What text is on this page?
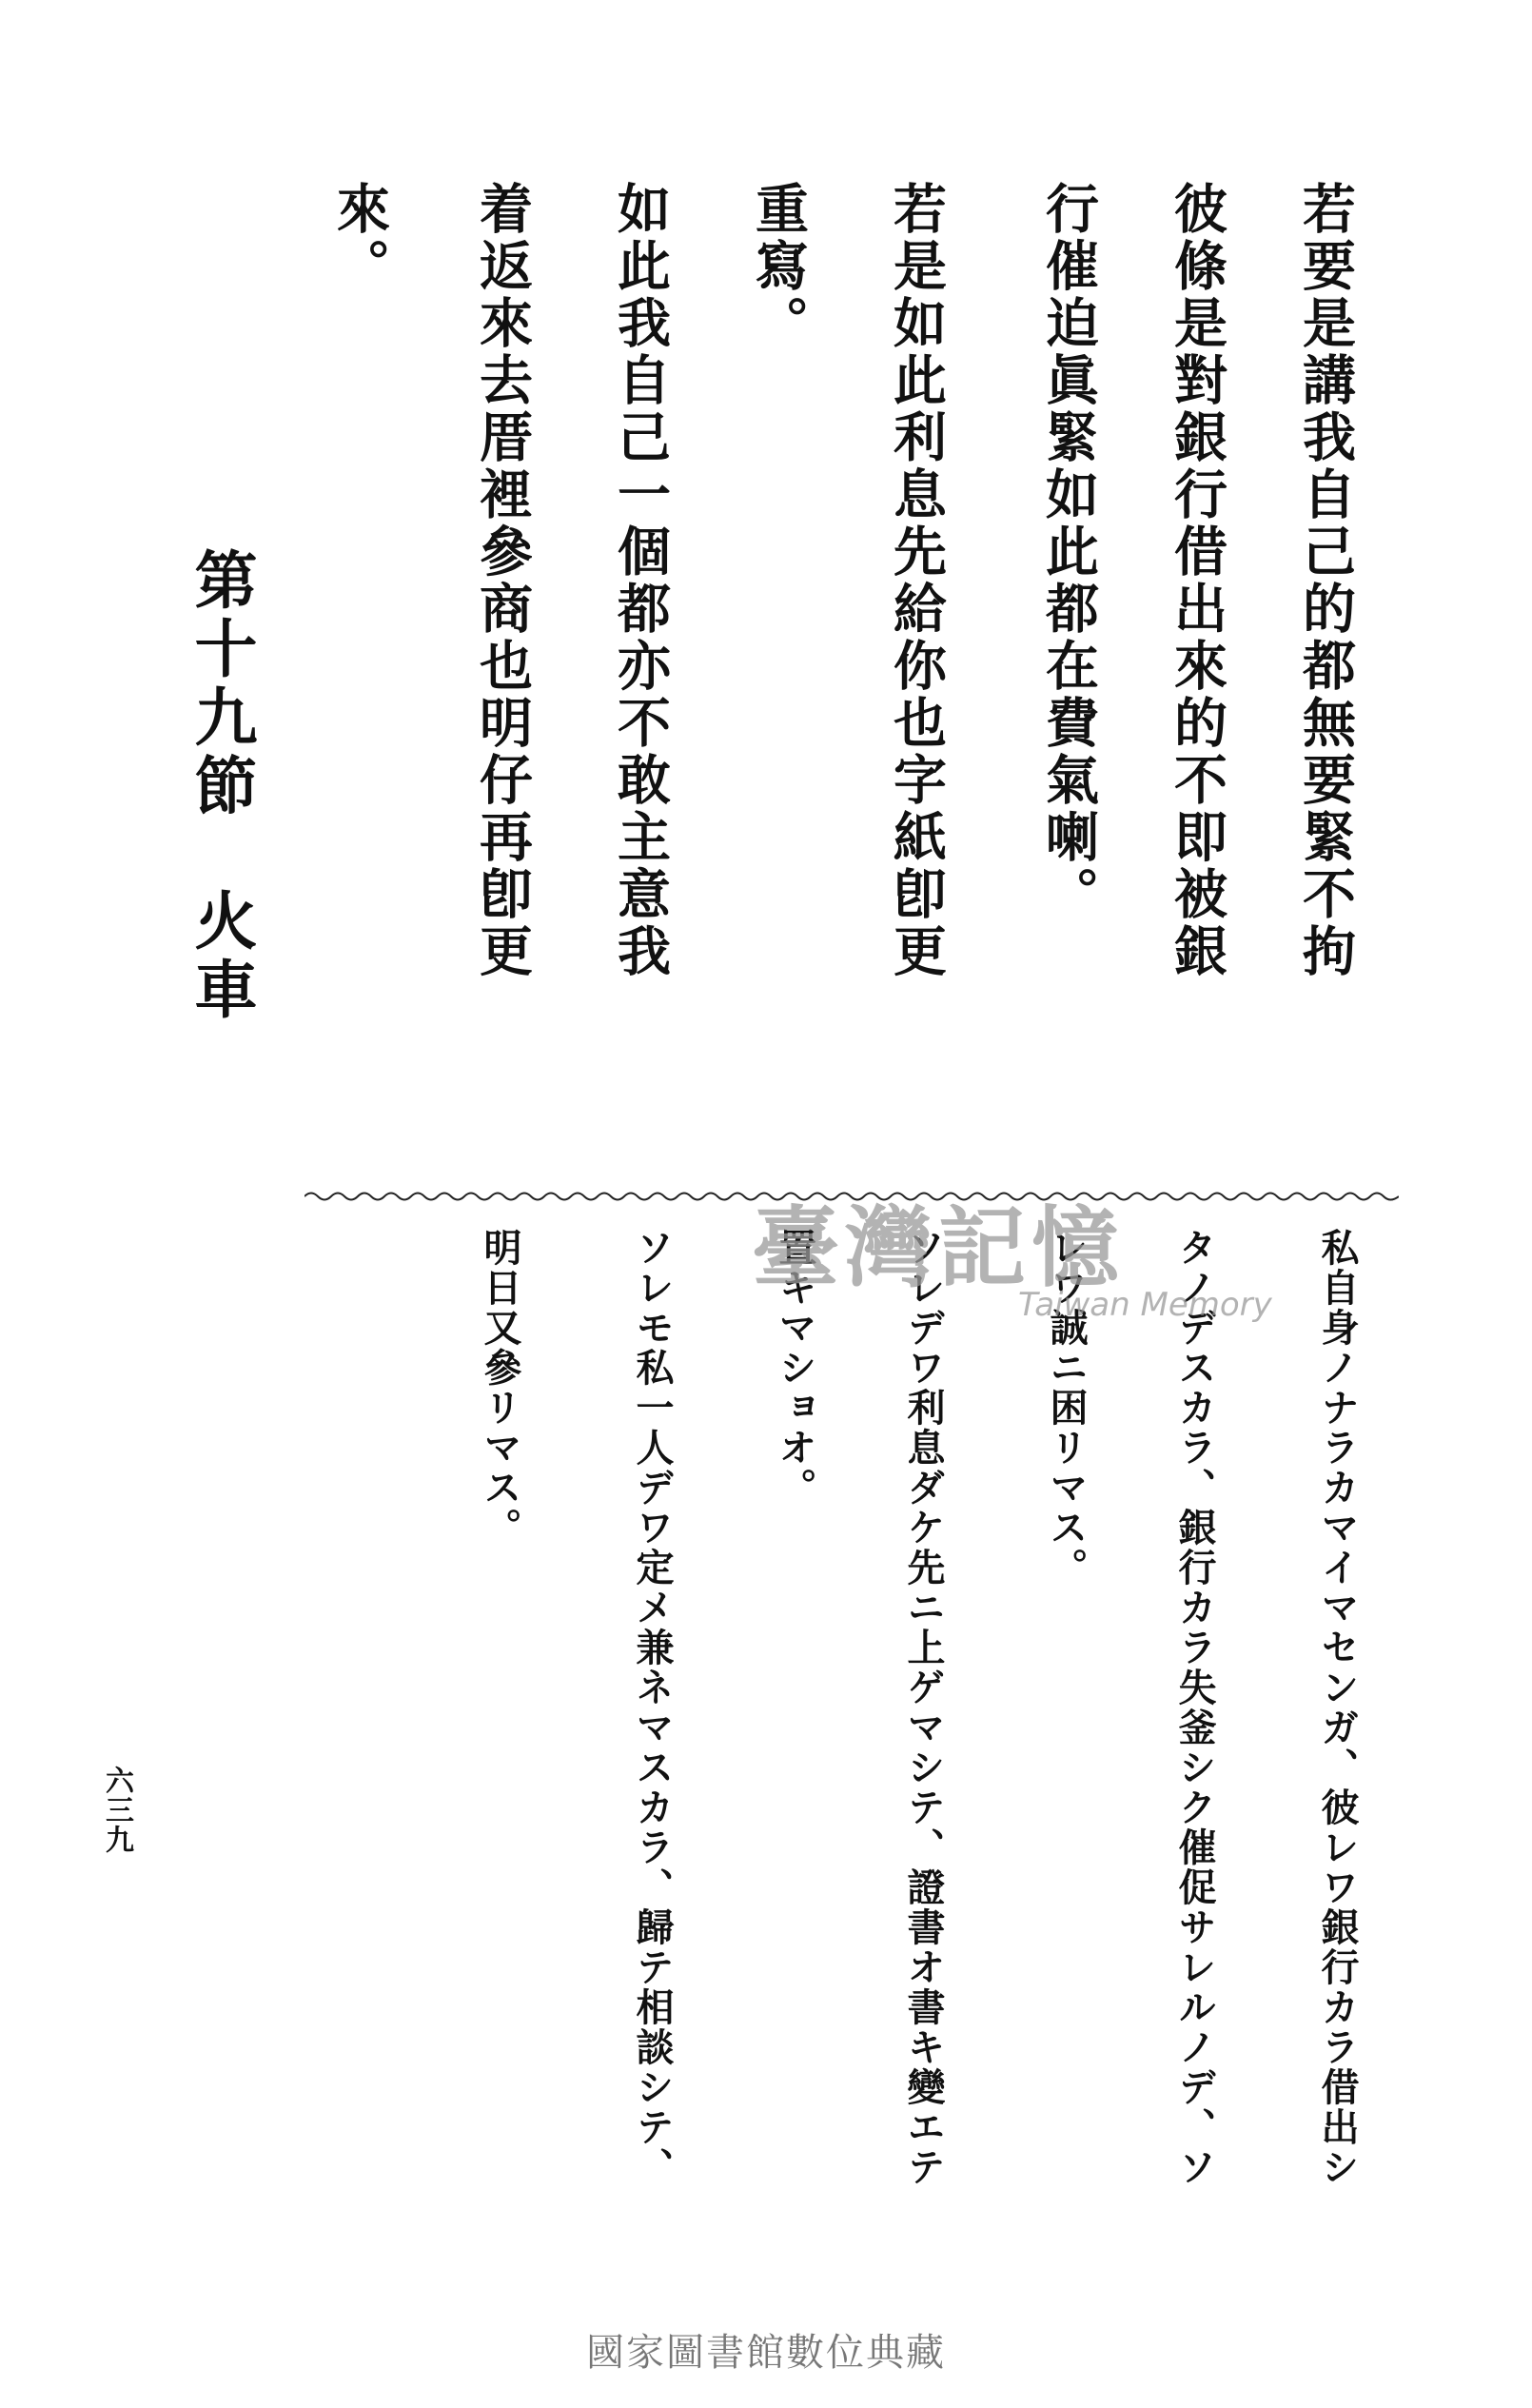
若要是講我自己的都無要緊不拘
彼條是對銀行借出來的不即被銀
行催迫眞緊如此都在費氣喇。
若是如此利息先給你也字紙卽更
重寫。
如此我自己一個都亦不敢主意我
着返來去厝裡參商也明仔再卽更
來。
第十九節火車
私自身ノナラカマイマセンガ、彼レワ銀行カラ借出シ
タノデスカラ、銀行カラ失釜シク催促サレルノデ、ソ
レワ誠ニ困リマス。
ソレデワ利息ダケ先ニ上ゲマシテ、證書オ書キ變エテ
置キマショオ。
ソレモ私一人デワ定メ兼ネマスカラ、歸テ相談シテ、
明日又參リマス。	臺灣記憶
Taiwan Memory
六三九
國家圖書館數位典藏
